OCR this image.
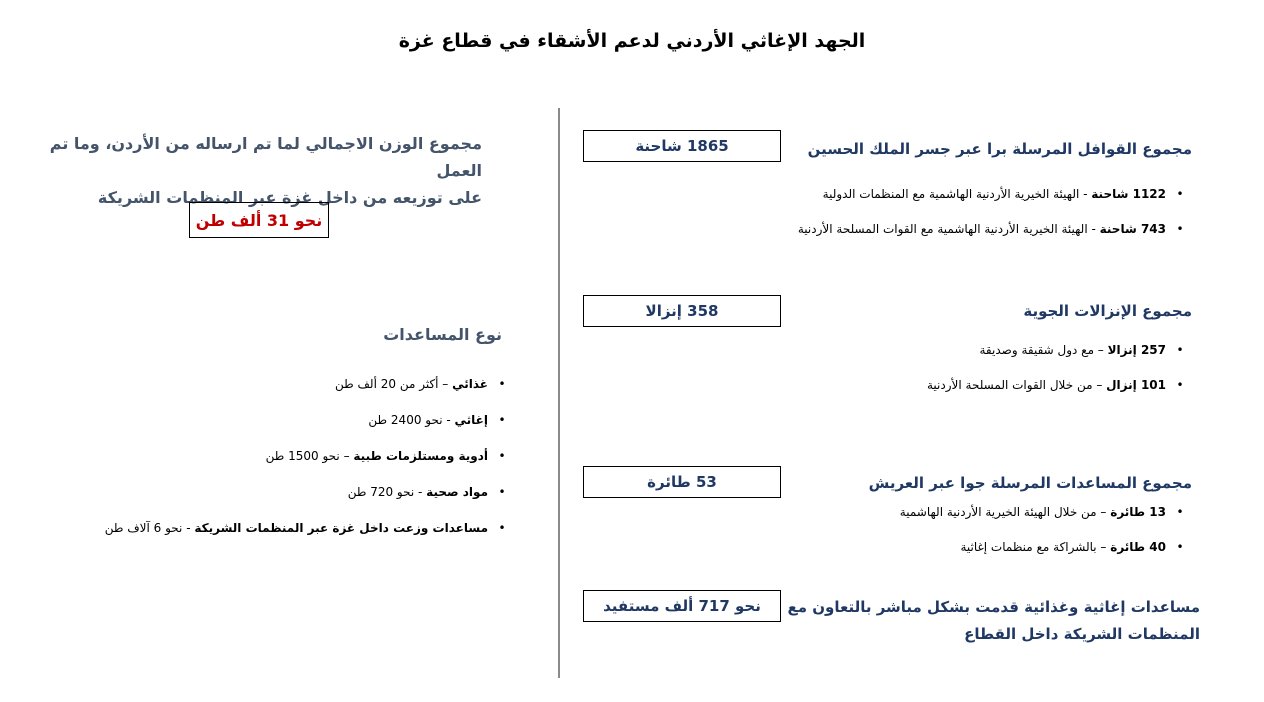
الجهد الإغاثي الأردني لدعم الأشقاء في قطاع غزة
مجموع القوافل المرسلة برا عبر جسر الملك الحسين
1865 شاحنة
•1122 شاحنة - الهيئة الخيرية الأردنية الهاشمية مع المنظمات الدولية
•743 شاحنة - الهيئة الخيرية الأردنية الهاشمية مع القوات المسلحة الأردنية
مجموع الإنزالات الجوية
358 إنزالا
•257 إنزالا – مع دول شقيقة وصديقة
•101 إنزال – من خلال القوات المسلحة الأردنية
مجموع المساعدات المرسلة جوا عبر العريش
53 طائرة
•13 طائرة – من خلال الهيئة الخيرية الأردنية الهاشمية
•40 طائرة – بالشراكة مع منظمات إغاثية
مساعدات إغاثية وغذائية قدمت بشكل مباشر بالتعاون مع
المنظمات الشريكة داخل القطاع
نحو 717 ألف مستفيد
مجموع الوزن الاجمالي لما تم ارساله من الأردن، وما تم العمل
على توزيعه من داخل غزة عبر المنظمات الشريكة
نحو 31 ألف طن
نوع المساعدات
•غذائي – أكثر من 20 ألف طن
•إغاثي - نحو 2400 طن
•أدوية ومستلزمات طبية – نحو 1500 طن
•مواد صحية - نحو 720 طن
•مساعدات وزعت داخل غزة عبر المنظمات الشريكة - نحو 6 آلاف طن
